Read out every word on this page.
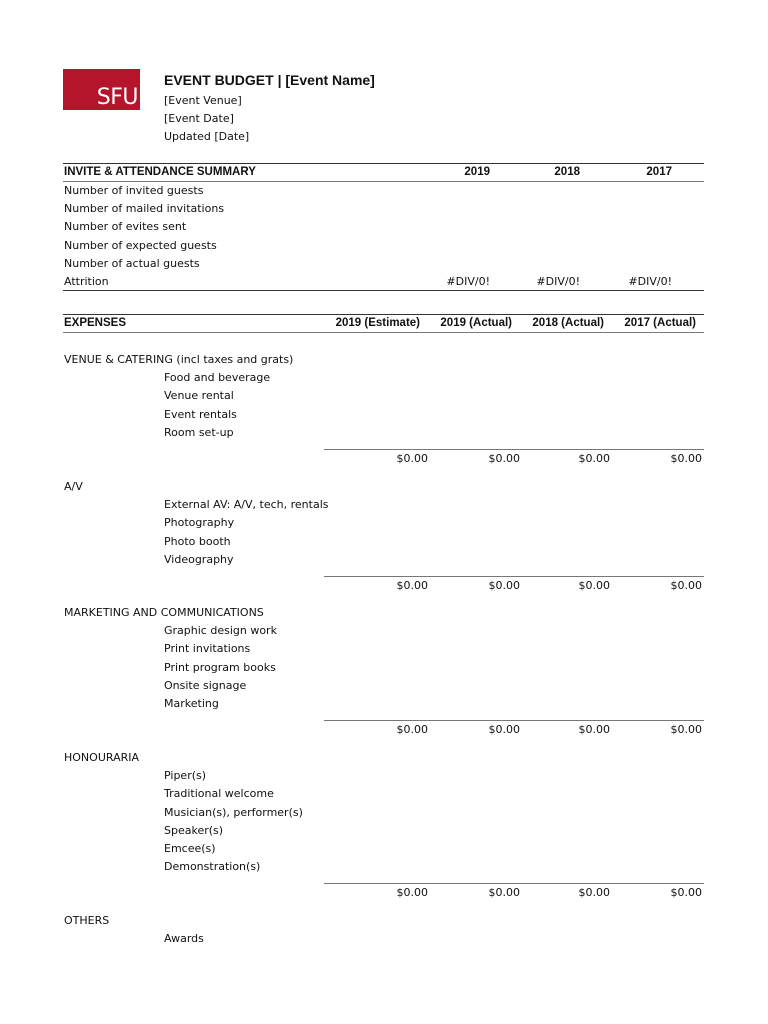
SFU
EVENT BUDGET | [Event Name]
[Event Venue]
[Event Date]
Updated [Date]
INVITE & ATTENDANCE SUMMARY	2019	2018	2017
Number of invited guests
Number of mailed invitations
Number of evites sent
Number of expected guests
Number of actual guests
Attrition	#DIV/0!	#DIV/0!	#DIV/0!
EXPENSES	2019 (Estimate)	2019 (Actual)	2018 (Actual)	2017 (Actual)
VENUE & CATERING (incl taxes and grats)
Food and beverage
Venue rental
Event rentals
Room set-up
$0.00	$0.00	$0.00	$0.00
A/V
External AV: A/V, tech, rentals
Photography
Photo booth
Videography
$0.00	$0.00	$0.00	$0.00
MARKETING AND COMMUNICATIONS
Graphic design work
Print invitations
Print program books
Onsite signage
Marketing
$0.00	$0.00	$0.00	$0.00
HONOURARIA
Piper(s)
Traditional welcome
Musician(s), performer(s)
Speaker(s)
Emcee(s)
Demonstration(s)
$0.00	$0.00	$0.00	$0.00
OTHERS
Awards
